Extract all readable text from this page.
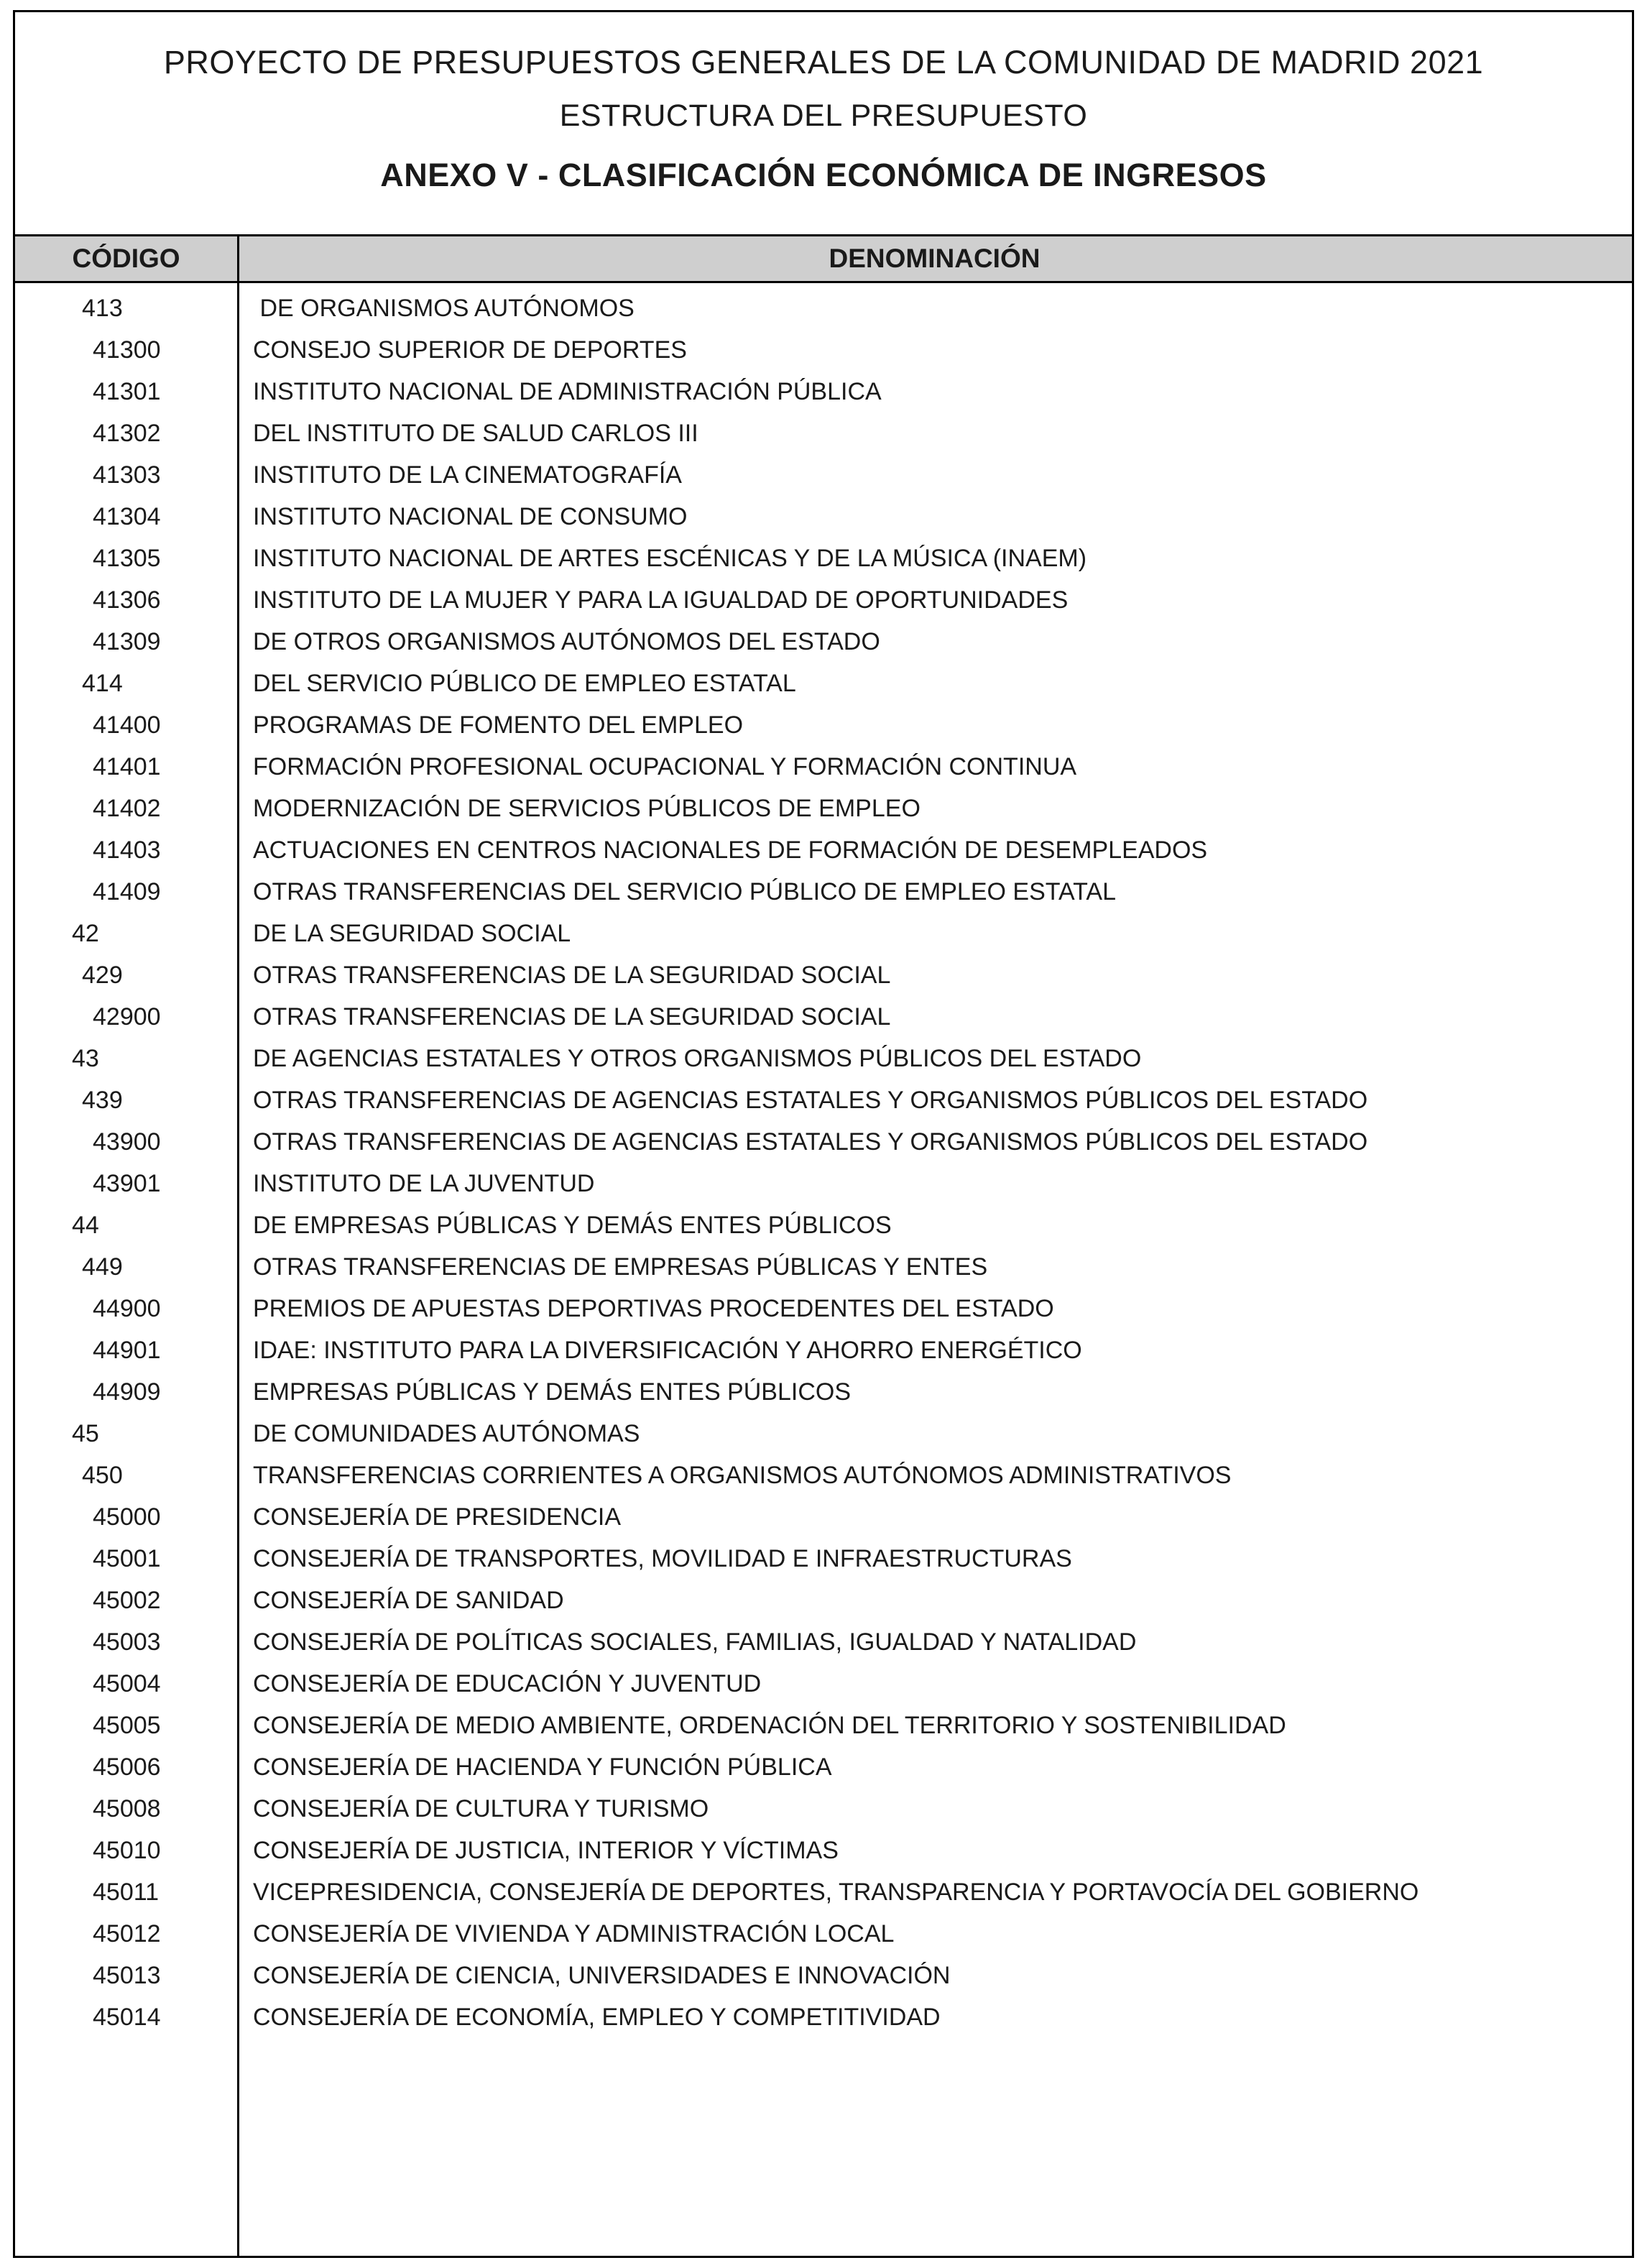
PROYECTO DE PRESUPUESTOS GENERALES DE LA COMUNIDAD DE MADRID 2021
ESTRUCTURA DEL PRESUPUESTO
ANEXO V - CLASIFICACIÓN ECONÓMICA DE INGRESOS
CÓDIGO	DENOMINACIÓN
413	DE ORGANISMOS AUTÓNOMOS
41300	CONSEJO SUPERIOR DE DEPORTES
41301	INSTITUTO NACIONAL DE ADMINISTRACIÓN PÚBLICA
41302	DEL INSTITUTO DE SALUD CARLOS III
41303	INSTITUTO DE LA CINEMATOGRAFÍA
41304	INSTITUTO NACIONAL DE CONSUMO
41305	INSTITUTO NACIONAL DE ARTES ESCÉNICAS Y DE LA MÚSICA (INAEM)
41306	INSTITUTO DE LA MUJER Y PARA LA IGUALDAD DE OPORTUNIDADES
41309	DE OTROS ORGANISMOS AUTÓNOMOS DEL ESTADO
414	DEL SERVICIO PÚBLICO DE EMPLEO ESTATAL
41400	PROGRAMAS DE FOMENTO DEL EMPLEO
41401	FORMACIÓN PROFESIONAL OCUPACIONAL Y FORMACIÓN CONTINUA
41402	MODERNIZACIÓN DE SERVICIOS PÚBLICOS DE EMPLEO
41403	ACTUACIONES EN CENTROS NACIONALES DE FORMACIÓN DE DESEMPLEADOS
41409	OTRAS TRANSFERENCIAS DEL SERVICIO PÚBLICO DE EMPLEO ESTATAL
42	DE LA SEGURIDAD SOCIAL
429	OTRAS TRANSFERENCIAS DE LA SEGURIDAD SOCIAL
42900	OTRAS TRANSFERENCIAS DE LA SEGURIDAD SOCIAL
43	DE AGENCIAS ESTATALES Y OTROS ORGANISMOS PÚBLICOS DEL ESTADO
439	OTRAS TRANSFERENCIAS DE AGENCIAS ESTATALES Y ORGANISMOS PÚBLICOS DEL ESTADO
43900	OTRAS TRANSFERENCIAS DE AGENCIAS ESTATALES Y ORGANISMOS PÚBLICOS DEL ESTADO
43901	INSTITUTO DE LA JUVENTUD
44	DE EMPRESAS PÚBLICAS Y DEMÁS ENTES PÚBLICOS
449	OTRAS TRANSFERENCIAS DE EMPRESAS PÚBLICAS Y ENTES
44900	PREMIOS DE APUESTAS DEPORTIVAS PROCEDENTES DEL ESTADO
44901	IDAE: INSTITUTO PARA LA DIVERSIFICACIÓN Y AHORRO ENERGÉTICO
44909	EMPRESAS PÚBLICAS Y DEMÁS ENTES PÚBLICOS
45	DE COMUNIDADES AUTÓNOMAS
450	TRANSFERENCIAS CORRIENTES A ORGANISMOS AUTÓNOMOS ADMINISTRATIVOS
45000	CONSEJERÍA DE PRESIDENCIA
45001	CONSEJERÍA DE TRANSPORTES, MOVILIDAD E INFRAESTRUCTURAS
45002	CONSEJERÍA DE SANIDAD
45003	CONSEJERÍA DE POLÍTICAS SOCIALES, FAMILIAS, IGUALDAD Y NATALIDAD
45004	CONSEJERÍA DE EDUCACIÓN Y JUVENTUD
45005	CONSEJERÍA DE MEDIO AMBIENTE, ORDENACIÓN DEL TERRITORIO Y SOSTENIBILIDAD
45006	CONSEJERÍA DE HACIENDA Y FUNCIÓN PÚBLICA
45008	CONSEJERÍA DE CULTURA Y TURISMO
45010	CONSEJERÍA DE JUSTICIA, INTERIOR Y VÍCTIMAS
45011	VICEPRESIDENCIA, CONSEJERÍA DE DEPORTES, TRANSPARENCIA Y PORTAVOCÍA DEL GOBIERNO
45012	CONSEJERÍA DE VIVIENDA Y ADMINISTRACIÓN LOCAL
45013	CONSEJERÍA DE CIENCIA, UNIVERSIDADES E INNOVACIÓN
45014	CONSEJERÍA DE ECONOMÍA, EMPLEO Y COMPETITIVIDAD
